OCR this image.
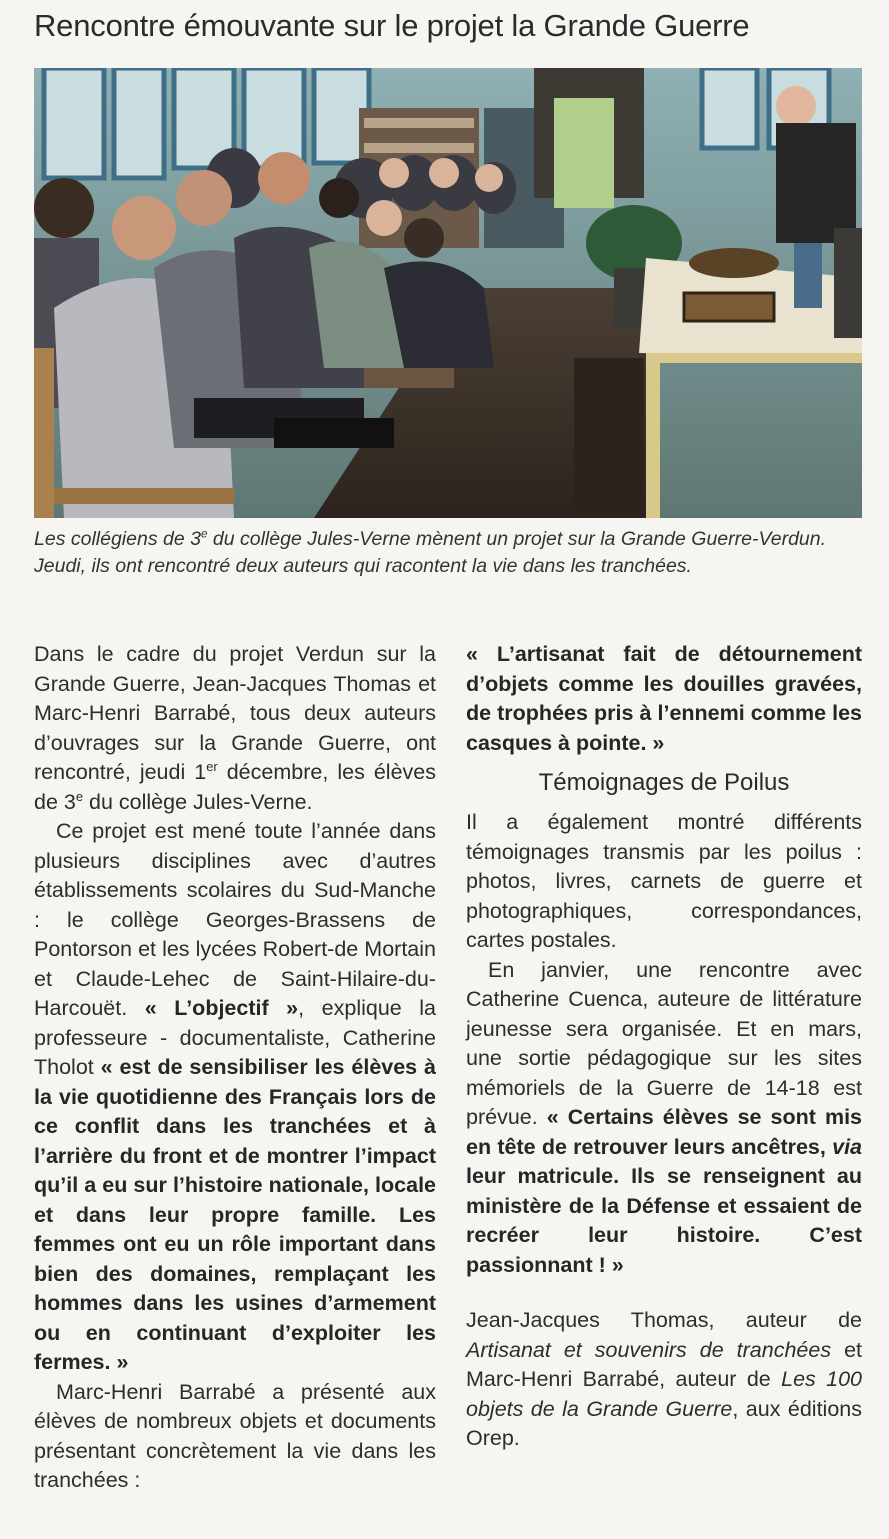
Rencontre émouvante sur le projet la Grande Guerre
Les collégiens de 3e du collège Jules-Verne mènent un projet sur la Grande Guerre-Verdun. Jeudi, ils ont rencontré deux auteurs qui racontent la vie dans les tranchées.

Dans le cadre du projet Verdun sur la Grande Guerre, Jean-Jacques Thomas et Marc-Henri Barrabé, tous deux auteurs d’ouvrages sur la Grande Guerre, ont rencontré, jeudi 1er décembre, les élèves de 3e du collège Jules-Verne.

Ce projet est mené toute l’année dans plusieurs disciplines avec d’autres établissements scolaires du Sud-Manche : le collège Georges-Brassens de Pontorson et les lycées Robert-de Mortain et Claude-Lehec de Saint-Hilaire-du-Harcouët. « L’objectif », explique la professeure - documentaliste, Catherine Tholot « est de sensibiliser les élèves à la vie quotidienne des Français lors de ce conflit dans les tranchées et à l’arrière du front et de montrer l’impact qu’il a eu sur l’histoire nationale, locale et dans leur propre famille. Les femmes ont eu un rôle important dans bien des domaines, remplaçant les hommes dans les usines d’armement ou en continuant d’exploiter les fermes. »

Marc-Henri Barrabé a présenté aux élèves de nombreux objets et documents présentant concrètement la vie dans les tranchées :

« L’artisanat fait de détournement d’objets comme les douilles gravées, de trophées pris à l’ennemi comme les casques à pointe. »

Témoignages de Poilus

Il a également montré différents témoignages transmis par les poilus : photos, livres, carnets de guerre et photographiques, correspondances, cartes postales.

En janvier, une rencontre avec Catherine Cuenca, auteure de littérature jeunesse sera organisée. Et en mars, une sortie pédagogique sur les sites mémoriels de la Guerre de 14-18 est prévue. « Certains élèves se sont mis en tête de retrouver leurs ancêtres, via leur matricule. Ils se renseignent au ministère de la Défense et essaient de recréer leur histoire. C’est passionnant ! »

Jean-Jacques Thomas, auteur de Artisanat et souvenirs de tranchées et Marc-Henri Barrabé, auteur de Les 100 objets de la Grande Guerre, aux éditions Orep.
